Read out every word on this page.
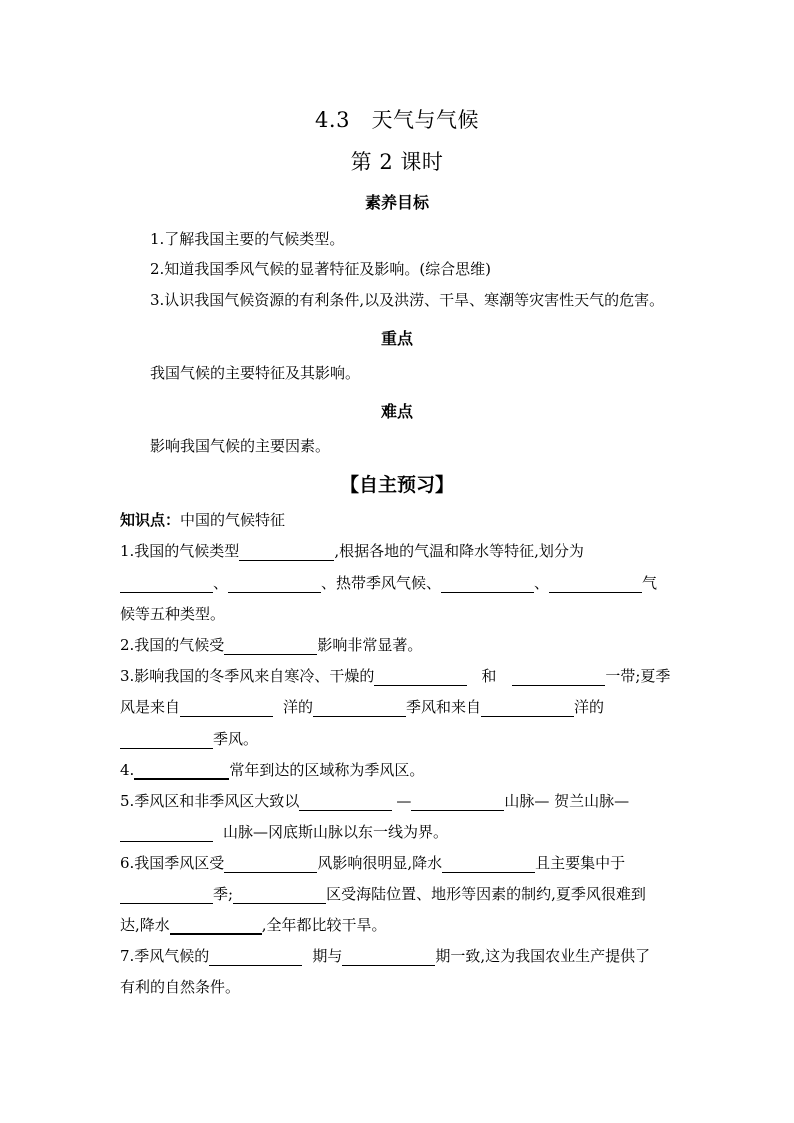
4.3　天气与气候
第 2 课时
素养目标
1.了解我国主要的气候类型。
2.知道我国季风气候的显著特征及影响。(综合思维)
3.认识我国气候资源的有利条件,以及洪涝、干旱、寒潮等灾害性天气的危害。
重点
我国气候的主要特征及其影响。
难点
影响我国气候的主要因素。
【自主预习】
知识点：中国的气候特征
1.我国的气候类型	,根据各地的气温和降水等特征,划分为
、	、热带季风气候、	、	气
候等五种类型。
2.我国的气候受	影响非常显著。
3.影响我国的冬季风来自寒冷、干燥的	和	一带;夏季
风是来自	洋的	季风和来自	洋的
季风。
4.	常年到达的区域称为季风区。
5.季风区和非季风区大致以	—	山脉— 贺兰山脉—
山脉—冈底斯山脉以东一线为界。
6.我国季风区受	风影响很明显,降水	且主要集中于
季;	区受海陆位置、地形等因素的制约,夏季风很难到
达,降水	,全年都比较干旱。
7.季风气候的	期与	期一致,这为我国农业生产提供了
有利的自然条件。
